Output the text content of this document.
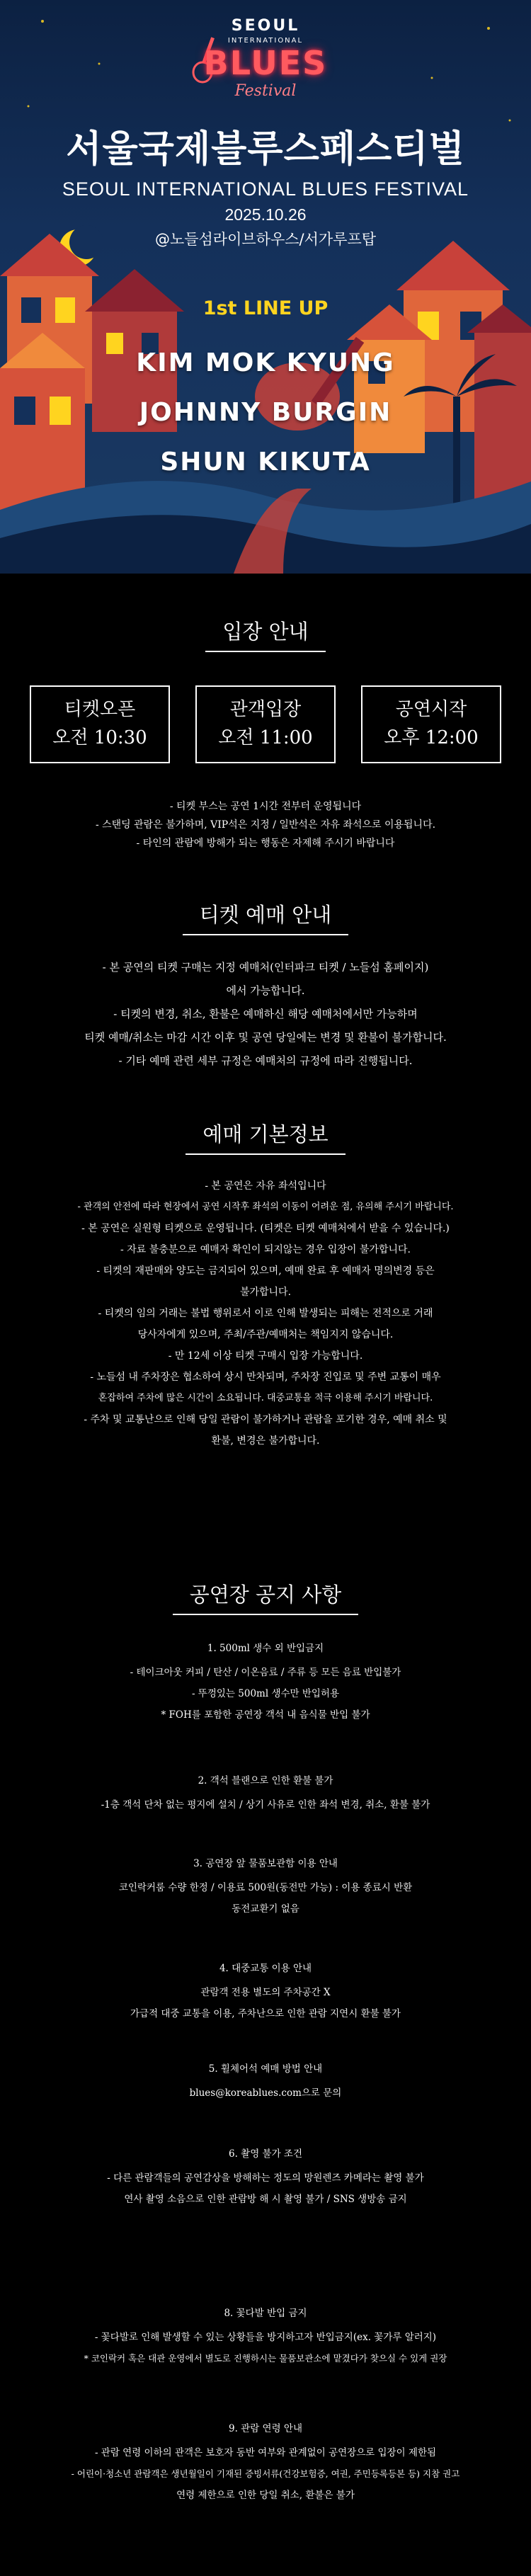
SEOUL
INTERNATIONAL
BLUES
Festival
서울국제블루스페스티벌
SEOUL INTERNATIONAL BLUES FESTIVAL
2025.10.26
@노들섬라이브하우스/서가루프탑
1st LINE UP
KIM MOK KYUNG
JOHNNY BURGIN
SHUN KIKUTA
입장 안내
티켓오픈
오전 10:30
관객입장
오전 11:00
공연시작
오후 12:00

- 티켓 부스는 공연 1시간 전부터 운영됩니다

- 스탠딩 관람은 불가하며, VIP석은 지정 / 일반석은 자유 좌석으로 이용됩니다.

- 타인의 관람에 방해가 되는 행동은 자제해 주시기 바랍니다

티켓 예매 안내

- 본 공연의 티켓 구매는 지정 예매처(인터파크 티켓 / 노들섬 홈페이지)

에서 가능합니다.

- 티켓의 변경, 취소, 환불은 예매하신 해당 예매처에서만 가능하며

티켓 예매/취소는 마감 시간 이후 및 공연 당일에는 변경 및 환불이 불가합니다.

- 기타 예매 관련 세부 규정은 예매처의 규정에 따라 진행됩니다.

예매 기본정보

- 본 공연은 자유 좌석입니다

- 관객의 안전에 따라 현장에서 공연 시작후 좌석의 이동이 어려운 점, 유의해 주시기 바랍니다.

- 본 공연은 실원형 티켓으로 운영됩니다. (티켓은 티켓 예매처에서 받을 수 있습니다.)

- 자료 불충분으로 예매자 확인이 되지않는 경우 입장이 불가합니다.

- 티켓의 재판매와 양도는 금지되어 있으며, 예매 완료 후 예매자 명의변경 등은

불가합니다.

- 티켓의 임의 거래는 불법 행위로서 이로 인해 발생되는 피해는 전적으로 거래

당사자에게 있으며, 주최/주관/예매처는 책임지지 않습니다.

- 만 12세 이상 티켓 구매시 입장 가능합니다.

- 노들섬 내 주차장은 협소하여 상시 만차되며, 주차장 진입로 및 주변 교통이 매우

혼잡하여 주차에 많은 시간이 소요됩니다. 대중교통을 적극 이용해 주시기 바랍니다.

- 주차 및 교통난으로 인해 당일 관람이 불가하거나 관람을 포기한 경우, 예매 취소 및

환불, 변경은 불가합니다.

공연장 공지 사항

1. 500ml 생수 외 반입금지

- 테이크아웃 커피 / 탄산 / 이온음료 / 주류 등 모든 음료 반입불가

- 뚜껑있는 500ml 생수만 반입허용

* FOH를 포함한 공연장 객석 내 음식물 반입 불가

2. 객석 블랜으로 인한 환불 불가

-1층 객석 단차 없는 평지에 설치 / 상기 사유로 인한 좌석 변경, 취소, 환불 불가

3. 공연장 앞 물품보관함 이용 안내

코인락커룸 수량 한정 / 이용료 500원(동전만 가능) : 이용 종료시 반환

동전교환기 없음

4. 대중교통 이용 안내

관람객 전용 별도의 주차공간 X

가급적 대중 교통을 이용, 주차난으로 인한 관람 지연시 환불 불가

5. 휠체어석 예매 방법 안내

blues@koreablues.com으로 문의

6. 촬영 불가 조건

- 다른 관람객들의 공연감상을 방해하는 정도의 망원렌즈 카메라는 촬영 불가

연사 촬영 소음으로 인한 관람방 해 시 촬영 불가 / SNS 생방송 금지

8. 꽃다발 반입 금지

- 꽃다발로 인해 발생할 수 있는 상황들을 방지하고자 반입금지(ex. 꽃가루 알러지)

* 코인락커 혹은 대관 운영에서 별도로 진행하시는 물품보관소에 맡겼다가 찾으실 수 있게 권장

9. 관람 연령 안내

- 관람 연령 이하의 관객은 보호자 동반 여부와 관계없이 공연장으로 입장이 제한됨

- 어린이·청소년 관람객은 생년월일이 기재된 증빙서류(건강보험증, 여권, 주민등록등본 등) 지참 권고

연령 제한으로 인한 당일 취소, 환불은 불가
